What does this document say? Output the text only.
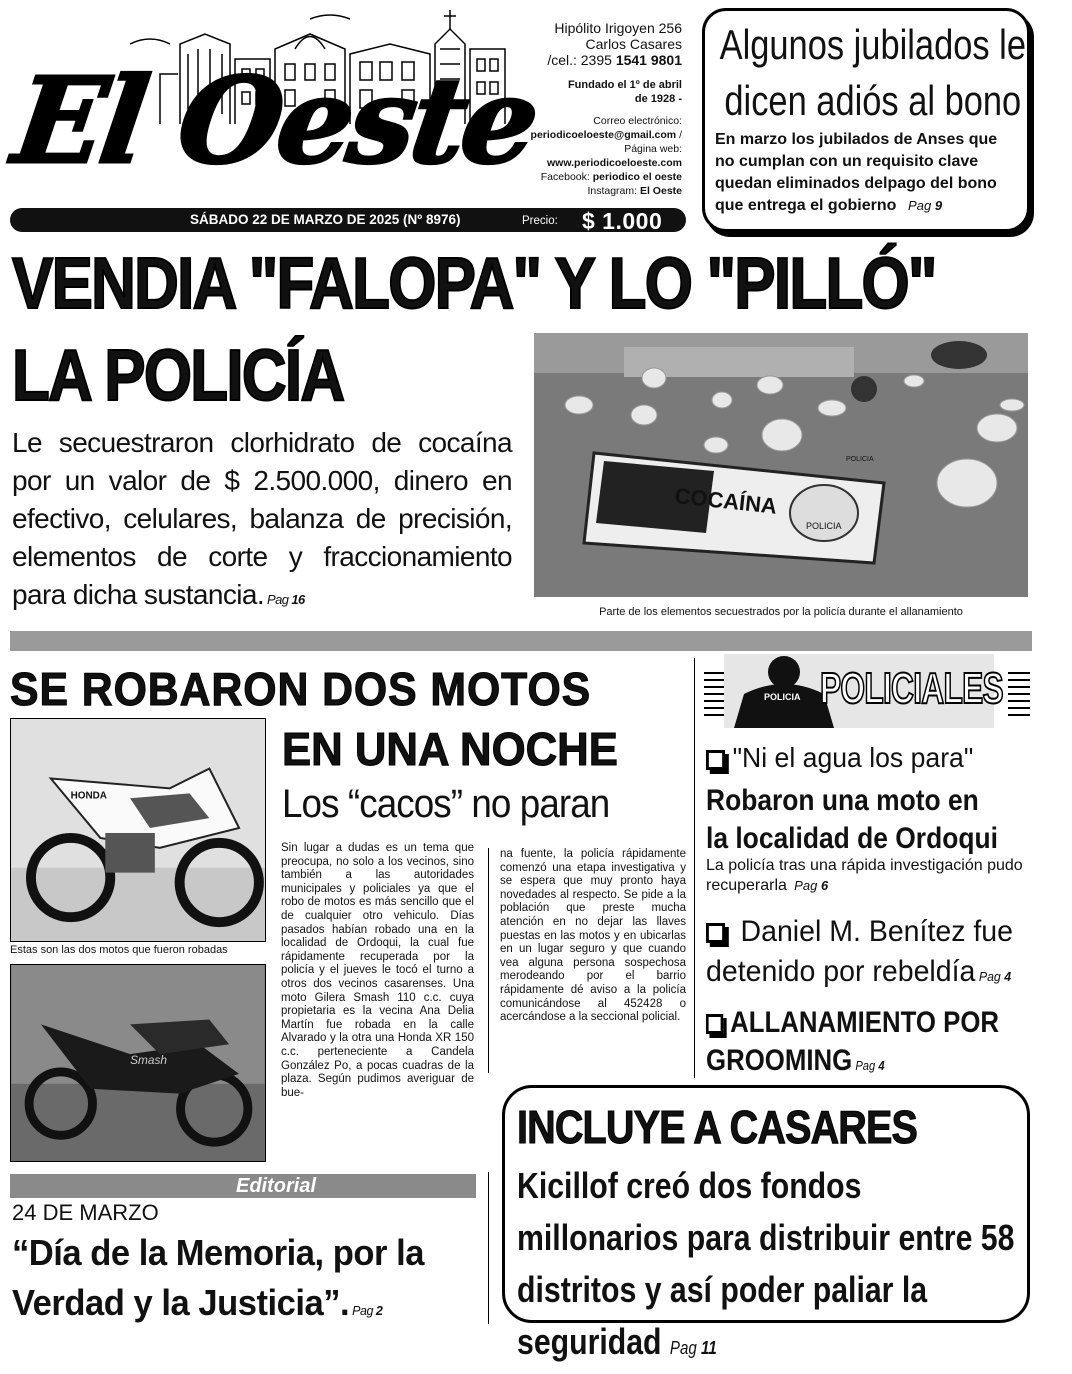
El Oeste
Hipólito Irigoyen 256
Carlos Casares
/cel.: 2395 1541 9801
Fundado el 1º de abril
de 1928 -
Correo electrónico:
periodicoeloeste@gmail.com /
Página web:
www.periodicoeloeste.com
Facebook: periodico el oeste
Instagram: El Oeste
SÁBADO 22 DE MARZO DE 2025 (Nº 8976)	Precio: $ 1.000
Algunos jubilados le
dicen adiós al bono
En marzo los jubilados de Anses que no cumplan con un requisito clave quedan eliminados delpago del bono que entrega el gobierno Pag 9
VENDIA "FALOPA" Y LO "PILLÓ"
LA POLICÍA
Le secuestraron clorhidrato de cocaína por un valor de $ 2.500.000, dinero en efectivo, celulares, balanza de precisión, elementos de corte y fraccionamiento para dicha sustancia. Pag 16
COCAÍNA
POLICIA
POLICIA
Parte de los elementos secuestrados por la policía durante el allanamiento
SE ROBARON DOS MOTOS
EN UNA NOCHE
Los “cacos” no paran
HONDA
Estas son las dos motos que fueron robadas
Smash
Sin lugar a dudas es un tema que preocupa, no solo a los vecinos, sino también a las autoridades municipales y policiales ya que el robo de motos es más sencillo que el de cualquier otro vehiculo. Días pasados habían robado una en la localidad de Ordoqui, la cual fue rápidamente recuperada por la policía y el jueves le tocó el turno a otros dos vecinos casarenses. Una moto Gilera Smash 110 c.c. cuya propietaria es la vecina Ana Delia Martín fue robada en la calle Alvarado y la otra una Honda XR 150 c.c. perteneciente a Candela González Po, a pocas cuadras de la plaza. Según pudimos averiguar de bue-
na fuente, la policía rápidamente comenzó una etapa investigativa y se espera que muy pronto haya novedades al respecto. Se pide a la población que preste mucha atención en no dejar las llaves puestas en las motos y en ubicarlas en un lugar seguro y que cuando vea alguna persona sospechosa merodeando por el barrio rápidamente dé aviso a la policía comunicándose al 452428 o acercándose a la seccional policial.
Editorial
24 DE MARZO
“Día de la Memoria, por la Verdad y la Justicia”. Pag 2
POLICIA POLICIALES
"Ni el agua los para"
Robaron una moto en la localidad de Ordoqui
La policía tras una rápida investigación pudo recuperarla Pag 6
Daniel M. Benítez fue detenido por rebeldía Pag 4
ALLANAMIENTO POR GROOMING Pag 4
INCLUYE A CASARES
Kicillof creó dos fondos millonarios para distribuir entre 58 distritos y así poder paliar la seguridad Pag 11
